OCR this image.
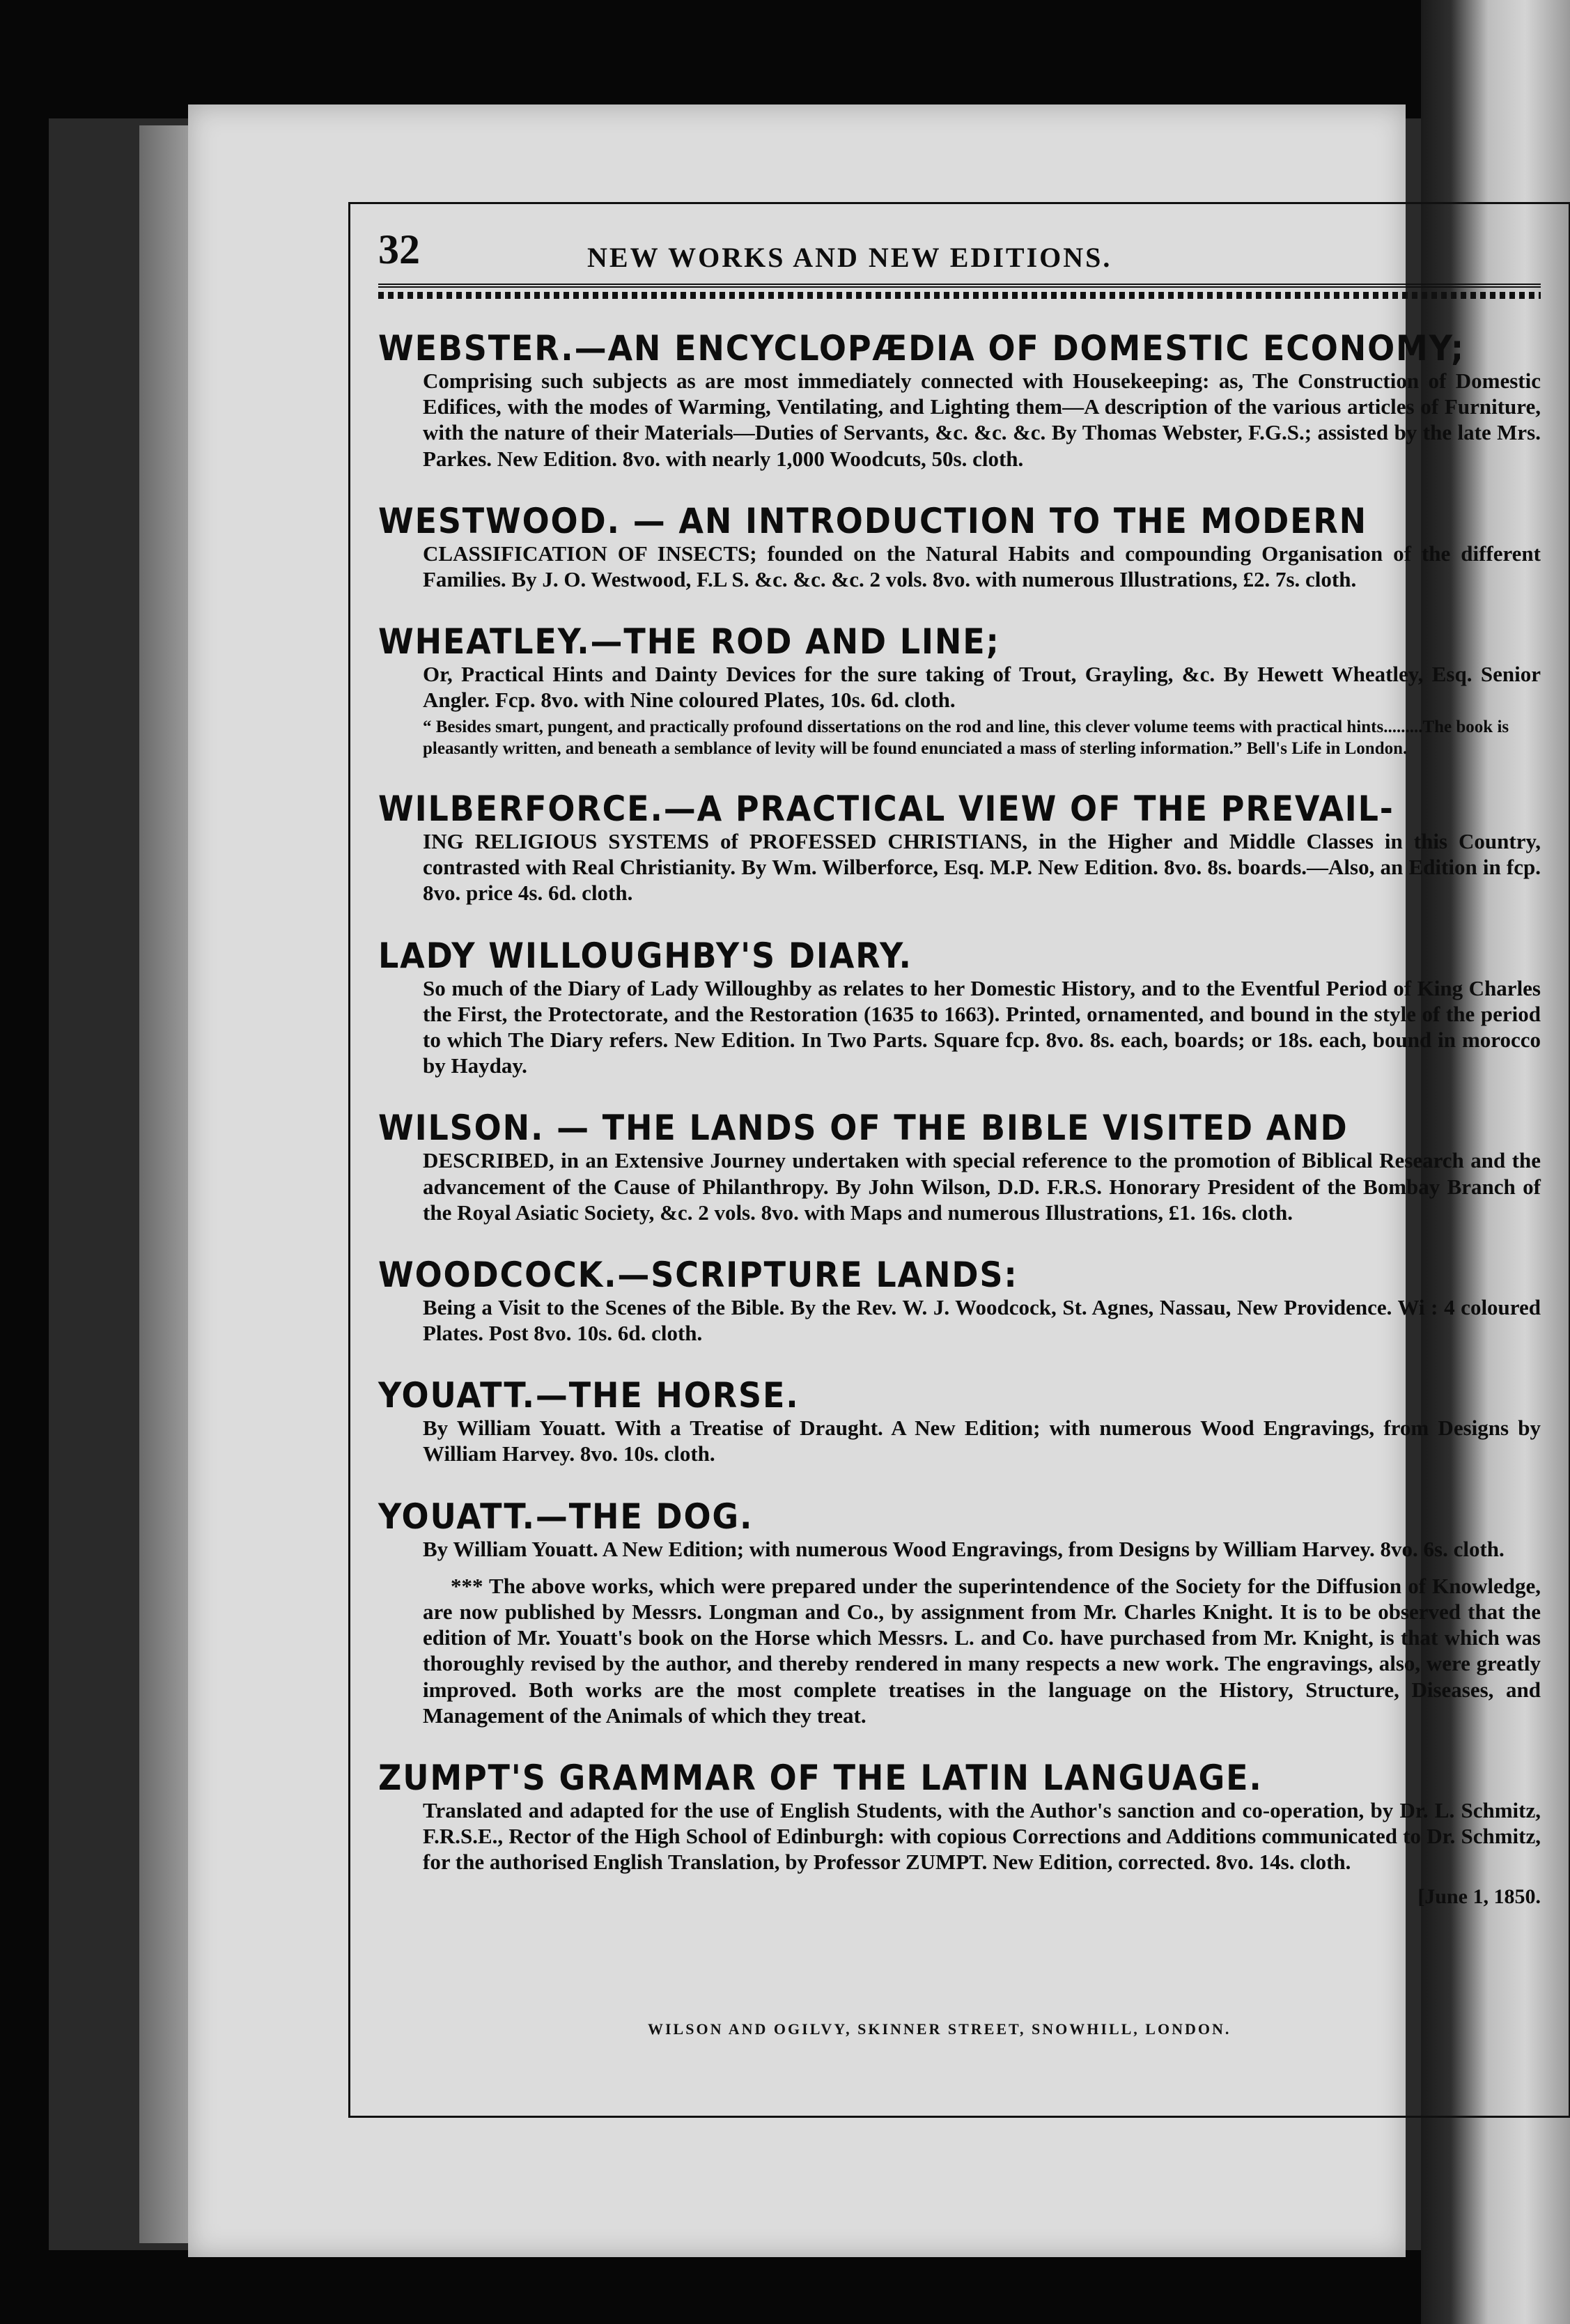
32	NEW WORKS AND NEW EDITIONS.
WEBSTER.—AN ENCYCLOPÆDIA OF DOMESTIC ECONOMY;
Comprising such subjects as are most immediately connected with Housekeeping: as, The Construction of Domestic Edifices, with the modes of Warming, Ventilating, and Lighting them—A description of the various articles of Furniture, with the nature of their Materials—Duties of Servants, &c. &c. &c. By Thomas Webster, F.G.S.; assisted by the late Mrs. Parkes. New Edition. 8vo. with nearly 1,000 Woodcuts, 50s. cloth.
WESTWOOD. — AN INTRODUCTION TO THE MODERN
CLASSIFICATION OF INSECTS; founded on the Natural Habits and compounding Organisation of the different Families. By J. O. Westwood, F.L S. &c. &c. &c. 2 vols. 8vo. with numerous Illustrations, £2. 7s. cloth.
WHEATLEY.—THE ROD AND LINE;
Or, Practical Hints and Dainty Devices for the sure taking of Trout, Grayling, &c. By Hewett Wheatley, Esq. Senior Angler. Fcp. 8vo. with Nine coloured Plates, 10s. 6d. cloth.
“ Besides smart, pungent, and practically profound dissertations on the rod and line, this clever volume teems with practical hints.........The book is pleasantly written, and beneath a semblance of levity will be found enunciated a mass of sterling information.” Bell's Life in London.
WILBERFORCE.—A PRACTICAL VIEW OF THE PREVAIL-
ING RELIGIOUS SYSTEMS of PROFESSED CHRISTIANS, in the Higher and Middle Classes in this Country, contrasted with Real Christianity. By Wm. Wilberforce, Esq. M.P. New Edition. 8vo. 8s. boards.—Also, an Edition in fcp. 8vo. price 4s. 6d. cloth.
LADY WILLOUGHBY'S DIARY.
So much of the Diary of Lady Willoughby as relates to her Domestic History, and to the Eventful Period of King Charles the First, the Protectorate, and the Restoration (1635 to 1663). Printed, ornamented, and bound in the style of the period to which The Diary refers. New Edition. In Two Parts. Square fcp. 8vo. 8s. each, boards; or 18s. each, bound in morocco by Hayday.
WILSON. — THE LANDS OF THE BIBLE VISITED AND
DESCRIBED, in an Extensive Journey undertaken with special reference to the promotion of Biblical Research and the advancement of the Cause of Philanthropy. By John Wilson, D.D. F.R.S. Honorary President of the Bombay Branch of the Royal Asiatic Society, &c. 2 vols. 8vo. with Maps and numerous Illustrations, £1. 16s. cloth.
WOODCOCK.—SCRIPTURE LANDS:
Being a Visit to the Scenes of the Bible. By the Rev. W. J. Woodcock, St. Agnes, Nassau, New Providence. Wi : 4 coloured Plates. Post 8vo. 10s. 6d. cloth.
YOUATT.—THE HORSE.
By William Youatt. With a Treatise of Draught. A New Edition; with numerous Wood Engravings, from Designs by William Harvey. 8vo. 10s. cloth.
YOUATT.—THE DOG.
By William Youatt. A New Edition; with numerous Wood Engravings, from Designs by William Harvey. 8vo. 6s. cloth.
*** The above works, which were prepared under the superintendence of the Society for the Diffusion of Knowledge, are now published by Messrs. Longman and Co., by assignment from Mr. Charles Knight. It is to be observed that the edition of Mr. Youatt's book on the Horse which Messrs. L. and Co. have purchased from Mr. Knight, is that which was thoroughly revised by the author, and thereby rendered in many respects a new work. The engravings, also, were greatly improved. Both works are the most complete treatises in the language on the History, Structure, Diseases, and Management of the Animals of which they treat.
ZUMPT'S GRAMMAR OF THE LATIN LANGUAGE.
Translated and adapted for the use of English Students, with the Author's sanction and co-operation, by Dr. L. Schmitz, F.R.S.E., Rector of the High School of Edinburgh: with copious Corrections and Additions communicated to Dr. Schmitz, for the authorised English Translation, by Professor ZUMPT. New Edition, corrected. 8vo. 14s. cloth.
[June 1, 1850.
WILSON AND OGILVY, SKINNER STREET, SNOWHILL, LONDON.
